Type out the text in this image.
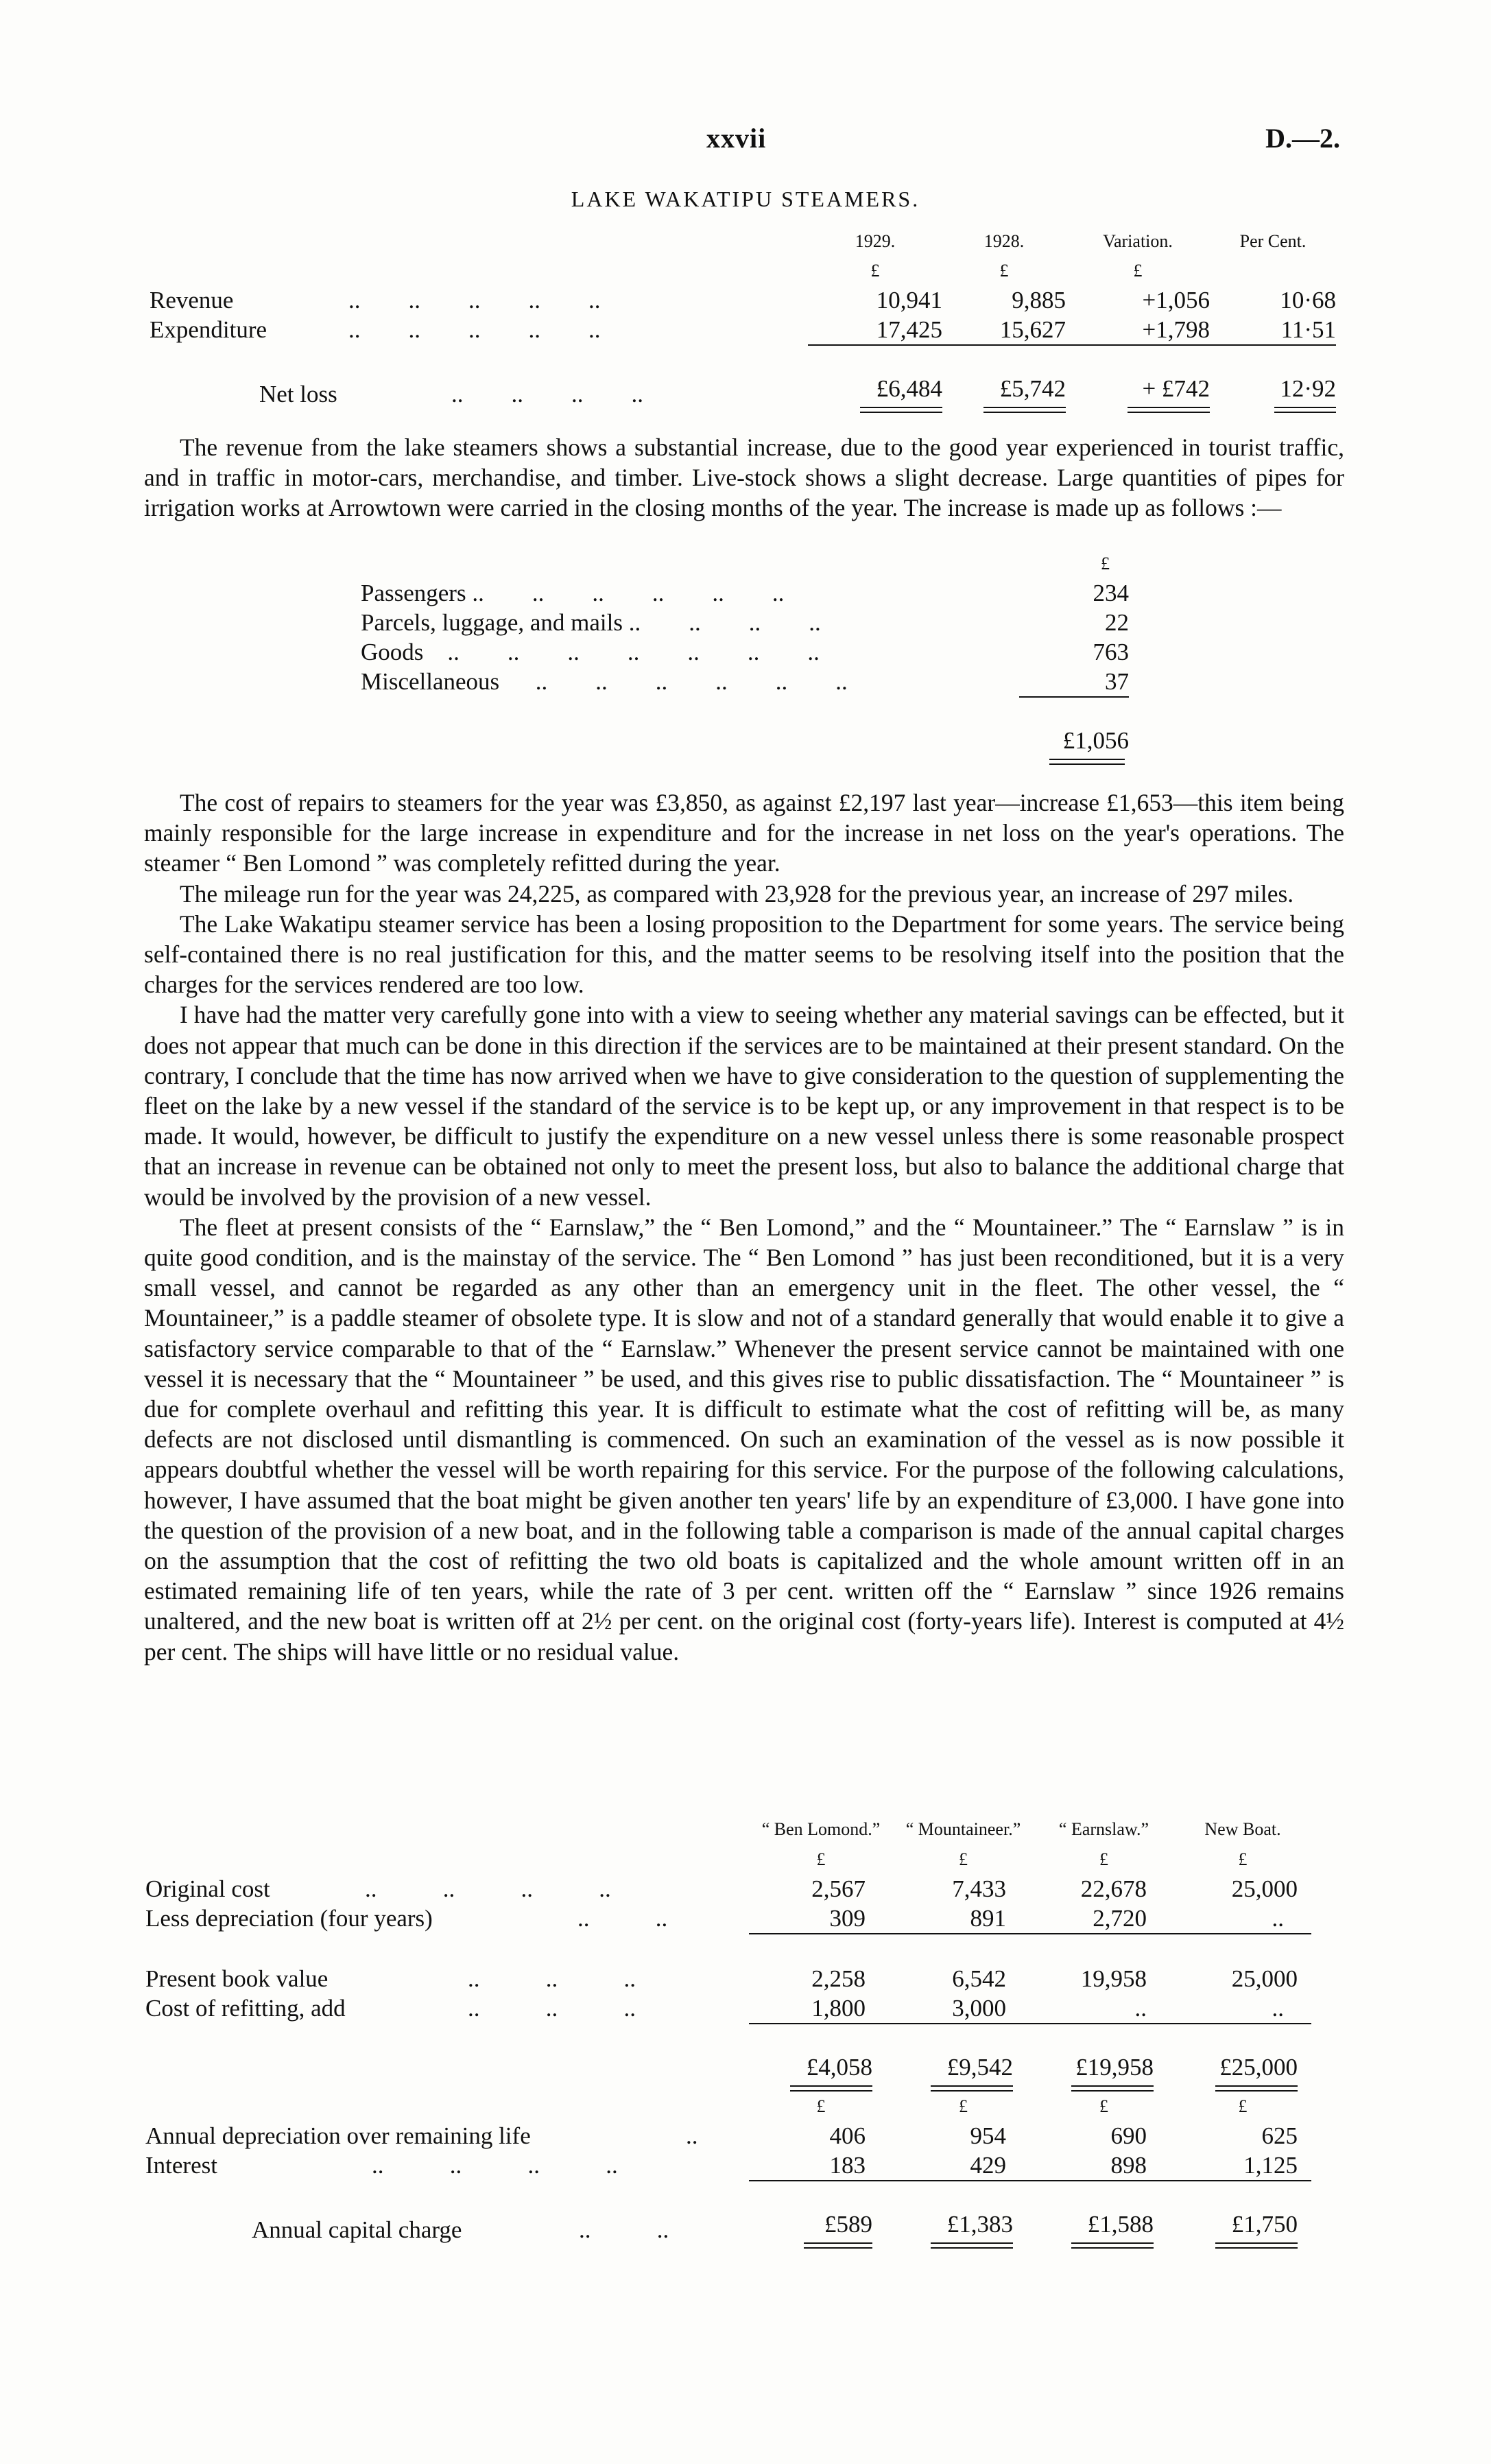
xxvii	D.—2.
LAKE WAKATIPU STEAMERS.
	1929.	1928.	Variation.	Per Cent.
	£	£	£	
Revenue ..        ..        ..        ..        ..	10,941	9,885	+1,056	10·68
Expenditure ..        ..        ..        ..        ..	17,425	15,627	+1,798	11·51

Net loss ..        ..        ..        ..	£6,484	£5,742	+ £742	12·92

The revenue from the lake steamers shows a substantial increase, due to the good year experienced in tourist traffic, and in traffic in motor-cars, merchandise, and timber. Live-stock shows a slight decrease. Large quantities of pipes for irrigation works at Arrowtown were carried in the closing months of the year. The increase is made up as follows :—

	£
Passengers ..        ..        ..        ..        ..        ..	234
Parcels, luggage, and mails ..        ..        ..        ..	22
Goods    ..        ..        ..        ..        ..        ..        ..	763
Miscellaneous      ..        ..        ..        ..        ..        ..	37

	£1,056

The cost of repairs to steamers for the year was £3,850, as against £2,197 last year—increase £1,653—this item being mainly responsible for the large increase in expenditure and for the increase in net loss on the year's operations. The steamer “ Ben Lomond ” was completely refitted during the year.

The mileage run for the year was 24,225, as compared with 23,928 for the previous year, an increase of 297 miles.

The Lake Wakatipu steamer service has been a losing proposition to the Department for some years. The service being self-contained there is no real justification for this, and the matter seems to be resolving itself into the position that the charges for the services rendered are too low.

I have had the matter very carefully gone into with a view to seeing whether any material savings can be effected, but it does not appear that much can be done in this direction if the services are to be maintained at their present standard. On the contrary, I conclude that the time has now arrived when we have to give consideration to the question of supplementing the fleet on the lake by a new vessel if the standard of the service is to be kept up, or any improvement in that respect is to be made. It would, however, be difficult to justify the expenditure on a new vessel unless there is some reasonable prospect that an increase in revenue can be obtained not only to meet the present loss, but also to balance the additional charge that would be involved by the provision of a new vessel.

The fleet at present consists of the “ Earnslaw,” the “ Ben Lomond,” and the “ Mountaineer.” The “ Earnslaw ” is in quite good condition, and is the mainstay of the service. The “ Ben Lomond ” has just been reconditioned, but it is a very small vessel, and cannot be regarded as any other than an emergency unit in the fleet. The other vessel, the “ Mountaineer,” is a paddle steamer of obsolete type. It is slow and not of a standard generally that would enable it to give a satisfactory service comparable to that of the “ Earnslaw.” Whenever the present service cannot be maintained with one vessel it is necessary that the “ Mountaineer ” be used, and this gives rise to public dissatisfaction. The “ Mountaineer ” is due for complete overhaul and refitting this year. It is difficult to estimate what the cost of refitting will be, as many defects are not disclosed until dismantling is commenced. On such an examination of the vessel as is now possible it appears doubtful whether the vessel will be worth repairing for this service. For the purpose of the following calculations, however, I have assumed that the boat might be given another ten years' life by an expenditure of £3,000. I have gone into the question of the provision of a new boat, and in the following table a comparison is made of the annual capital charges on the assumption that the cost of refitting the two old boats is capitalized and the whole amount written off in an estimated remaining life of ten years, while the rate of 3 per cent. written off the “ Earnslaw ” since 1926 remains unaltered, and the new boat is written off at 2½ per cent. on the original cost (forty-years life). Interest is computed at 4½ per cent. The ships will have little or no residual value.

	“ Ben Lomond.”	“ Mountaineer.”	“ Earnslaw.”	New Boat.
	£	£	£	£
Original cost ..           ..           ..           ..	2,567	7,433	22,678	25,000
Less depreciation (four years) ..           ..	309	891	2,720	..

Present book value ..           ..           ..	2,258	6,542	19,958	25,000
Cost of refitting, add ..           ..           ..	1,800	3,000	..	..

	£4,058	£9,542	£19,958	£25,000

	£	£	£	£
Annual depreciation over remaining life ..	406	954	690	625
Interest ..           ..           ..           ..	183	429	898	1,125

Annual capital charge ..           ..	£589	£1,383	£1,588	£1,750
